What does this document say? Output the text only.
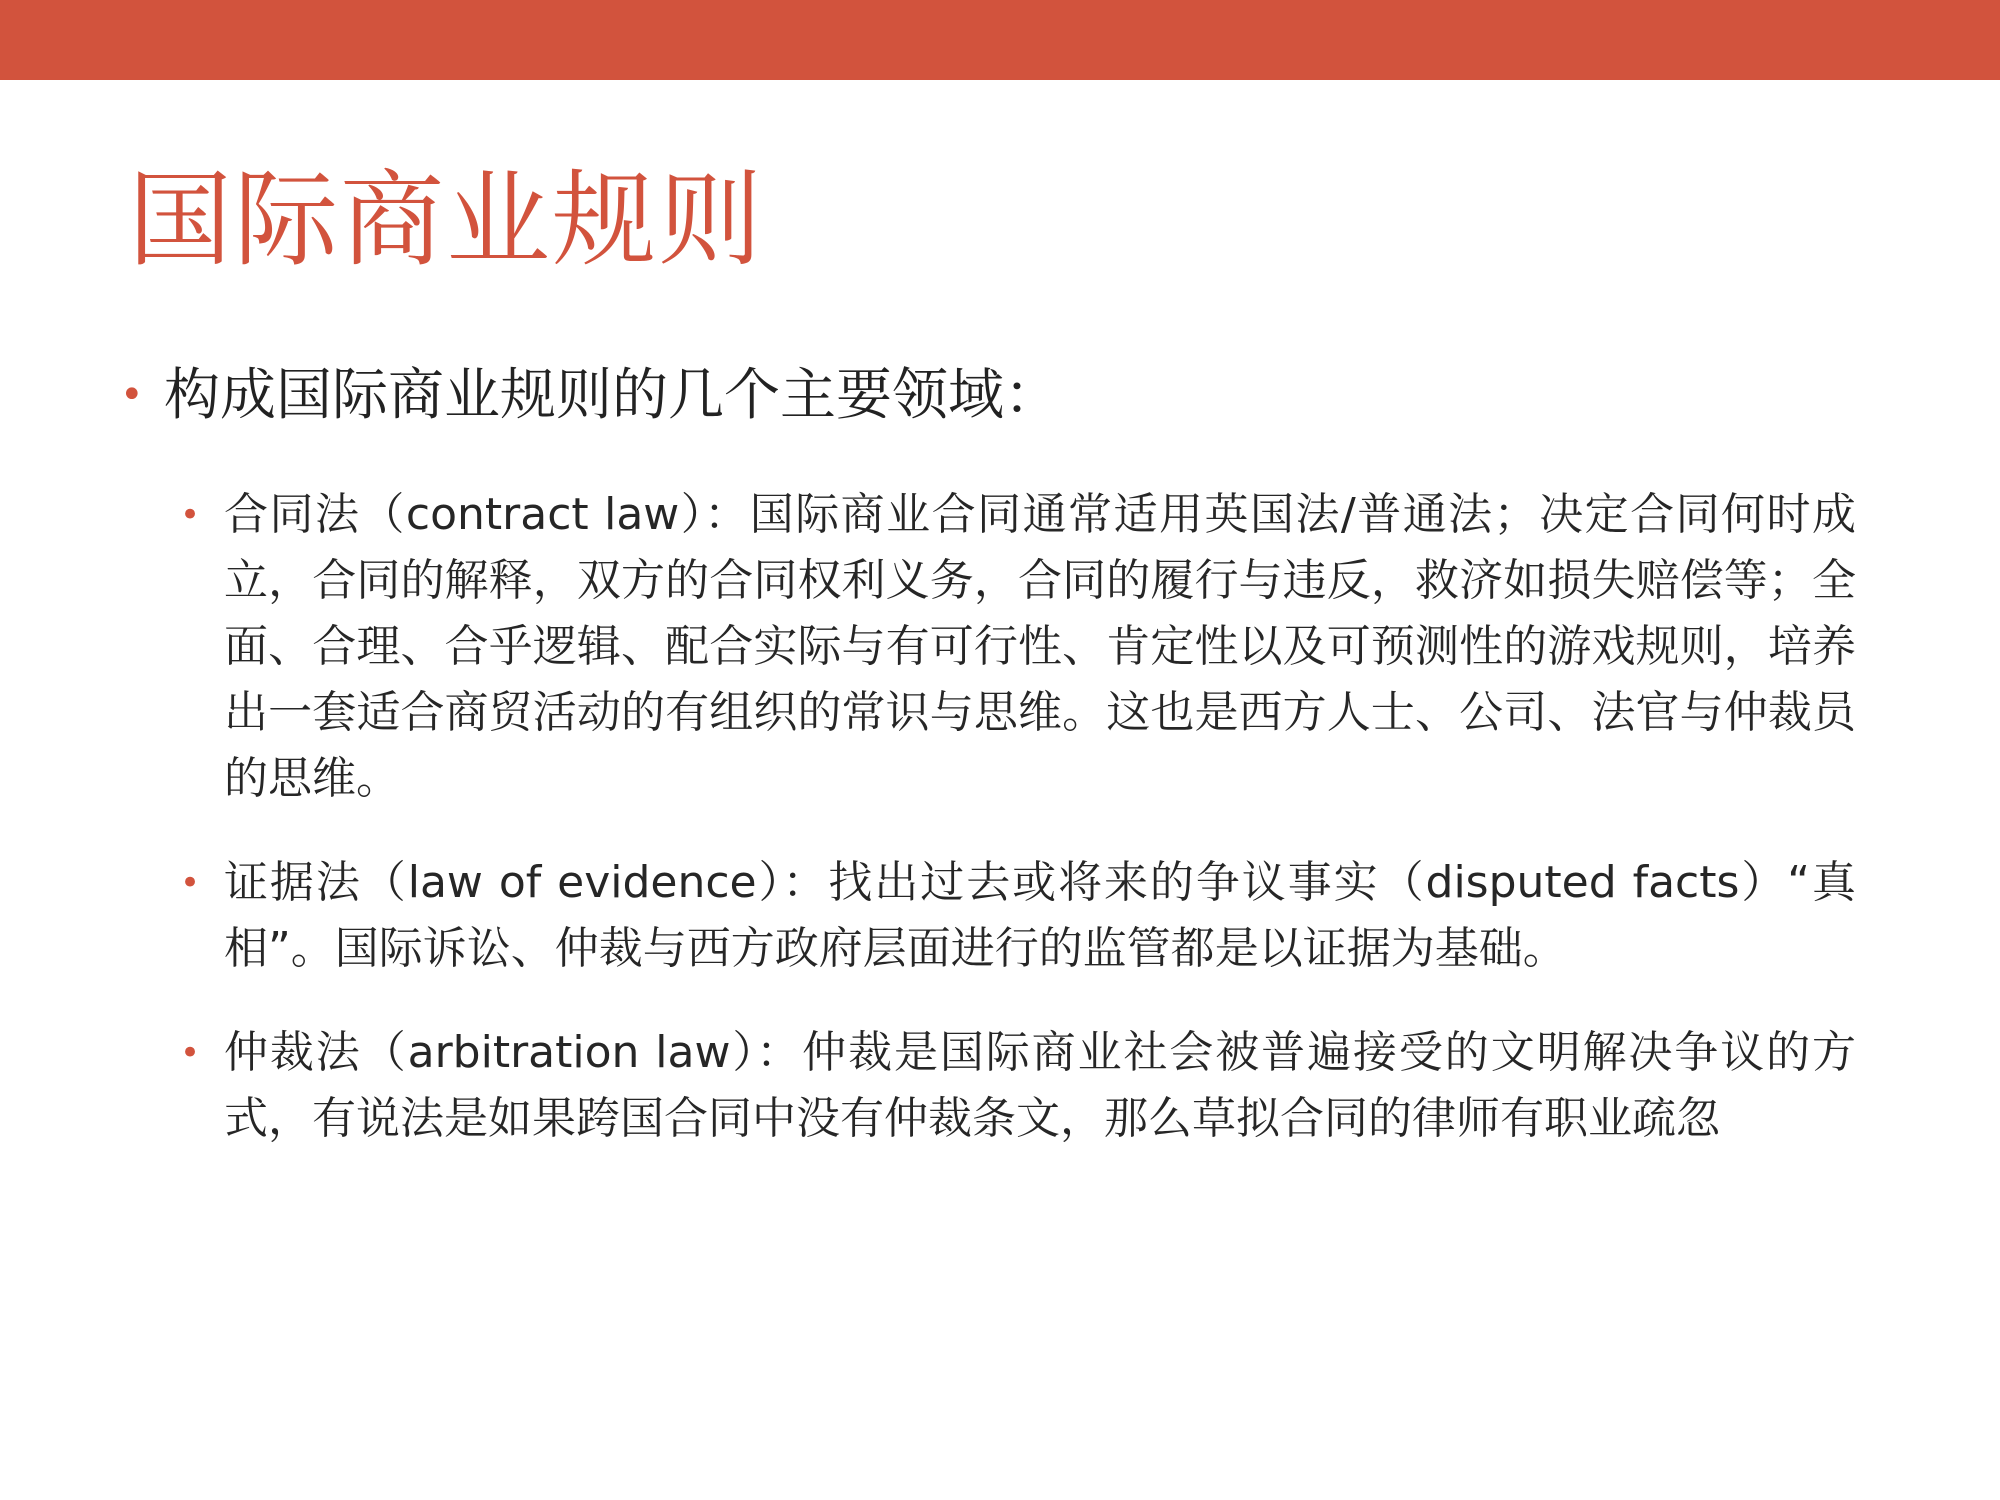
国际商业规则
• 构成国际商业规则的几个主要领域：
• 合同法（contract law）：国际商业合同通常适用英国法/普通法；决定合同何时成立，合同的解释，双方的合同权利义务，合同的履行与违反，救济如损失赔偿等；全面、合理、合乎逻辑、配合实际与有可行性、肯定性以及可预测性的游戏规则，培养出一套适合商贸活动的有组织的常识与思维。这也是西方人士、公司、法官与仲裁员的思维。
• 证据法（law of evidence）：找出过去或将来的争议事实（disputed facts）“真相”。国际诉讼、仲裁与西方政府层面进行的监管都是以证据为基础。
• 仲裁法（arbitration law）：仲裁是国际商业社会被普遍接受的文明解决争议的方式，有说法是如果跨国合同中没有仲裁条文，那么草拟合同的律师有职业疏忽
